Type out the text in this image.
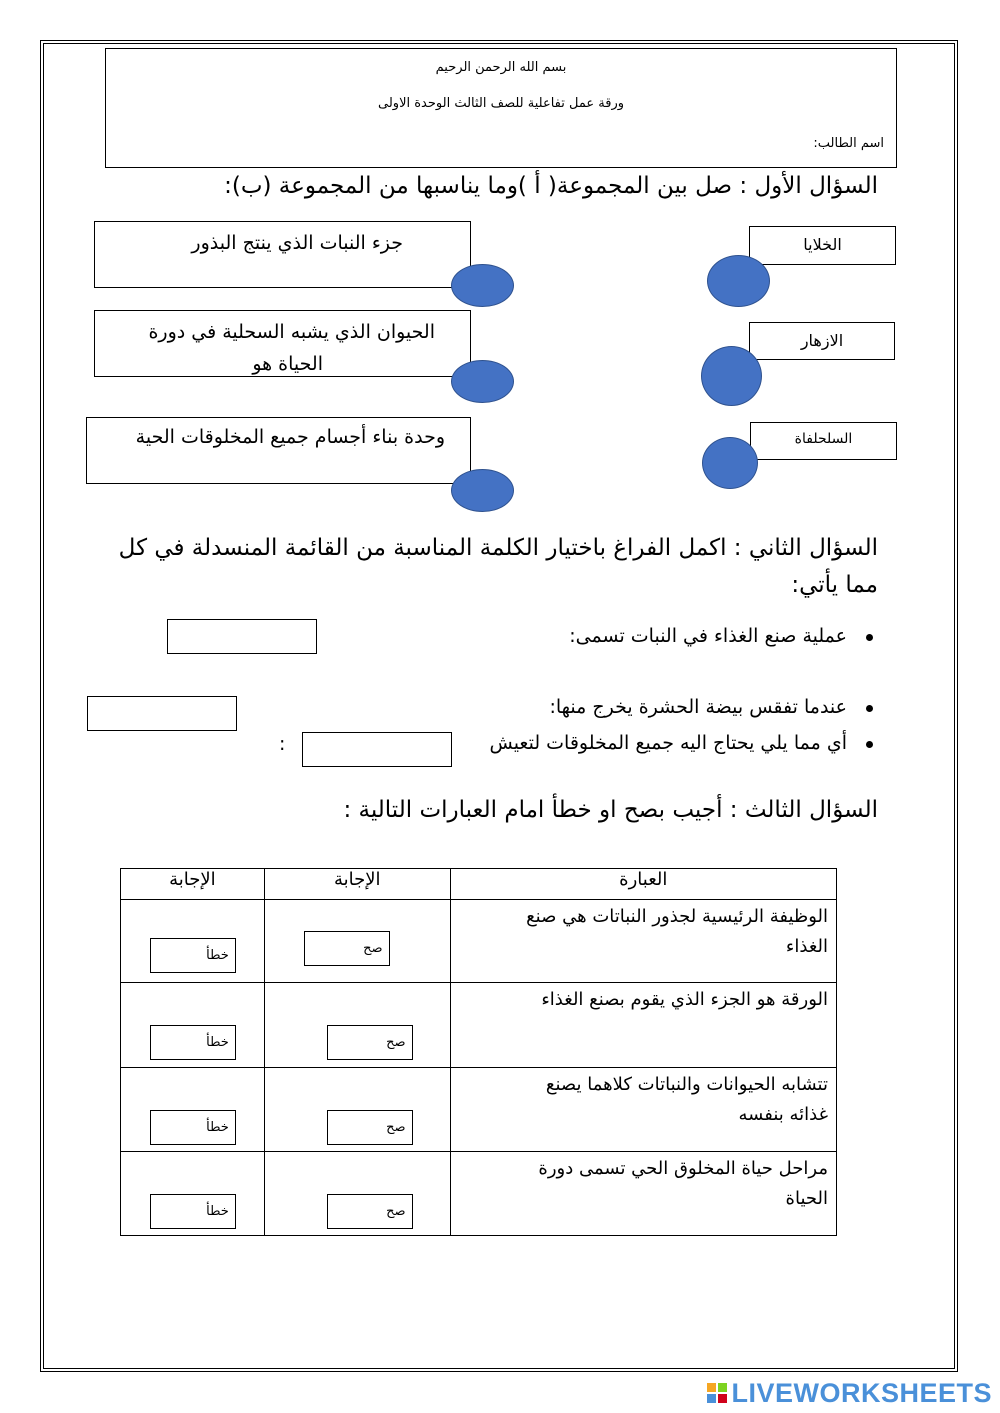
بسم الله الرحمن الرحيم
ورقة عمل تفاعلية للصف الثالث الوحدة الاولى
اسم الطالب:
السؤال الأول : صل بين المجموعة( أ )وما يناسبها من المجموعة (ب):
جزء النبات الذي ينتج البذور
الحيوان الذي يشبه السحلية في دورة
الحياة هو
وحدة بناء أجسام جميع المخلوقات الحية
الخلايا
الازهار
السلحلفاة
السؤال الثاني : اكمل الفراغ باختيار الكلمة المناسبة من القائمة المنسدلة في كل
مما يأتي:
عملية صنع الغذاء في النبات تسمى:
عندما تفقس بيضة الحشرة يخرج منها:
أي مما يلي يحتاج اليه جميع المخلوقات لتعيش
:
السؤال الثالث : أجيب بصح او خطأ امام العبارات التالية :
العبارة	الإجابة	الإجابة

الوظيفة الرئيسية لجذور النباتات هي صنع
الغذاء	صح	خطأ

الورقة هو الجزء الذي يقوم بصنع الغذاء	صح	خطأ

تتشابه الحيوانات والنباتات كلاهما يصنع
غذائه بنفسه	صح	خطأ

مراحل حياة المخلوق الحي تسمى دورة
الحياة	صح	خطأ
LIVEWORKSHEETS
